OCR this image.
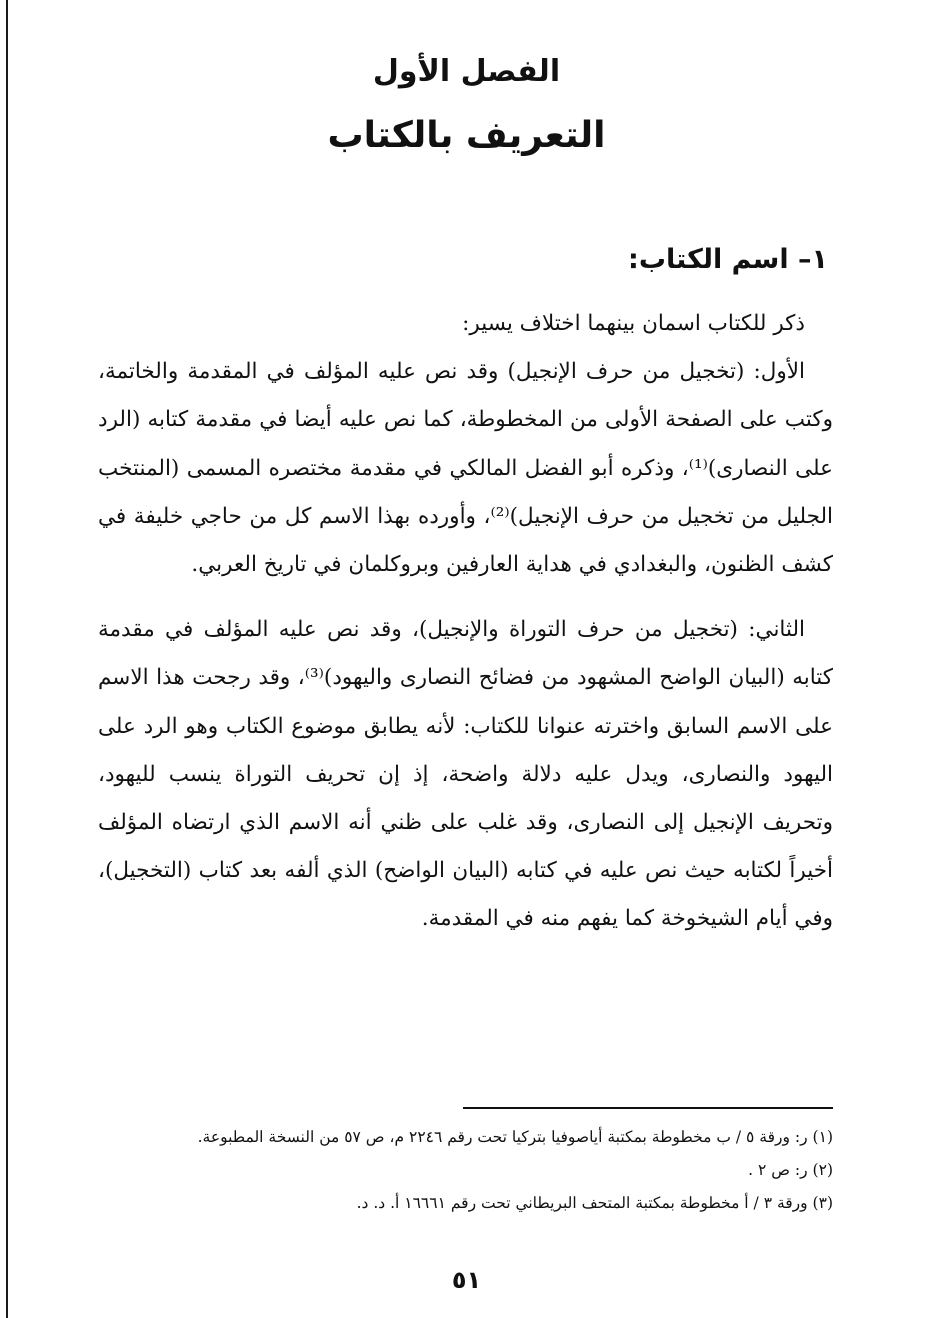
الفصل الأول
التعريف بالكتاب
١– اسم الكتاب:

ذكر للكتاب اسمان بينهما اختلاف يسير:

الأول: (تخجيل من حرف الإنجيل) وقد نص عليه المؤلف في المقدمة والخاتمة، وكتب على الصفحة الأولى من المخطوطة، كما نص عليه أيضا في مقدمة كتابه (الرد على النصارى)⁽¹⁾، وذكره أبو الفضل المالكي في مقدمة مختصره المسمى (المنتخب الجليل من تخجيل من حرف الإنجيل)⁽²⁾، وأورده بهذا الاسم كل من حاجي خليفة في كشف الظنون، والبغدادي في هداية العارفين وبروكلمان في تاريخ العربي.

الثاني: (تخجيل من حرف التوراة والإنجيل)، وقد نص عليه المؤلف في مقدمة كتابه (البيان الواضح المشهود من فضائح النصارى واليهود)⁽³⁾، وقد رجحت هذا الاسم على الاسم السابق واخترته عنوانا للكتاب: لأنه يطابق موضوع الكتاب وهو الرد على اليهود والنصارى، ويدل عليه دلالة واضحة، إذ إن تحريف التوراة ينسب لليهود، وتحريف الإنجيل إلى النصارى، وقد غلب على ظني أنه الاسم الذي ارتضاه المؤلف أخيراً لكتابه حيث نص عليه في كتابه (البيان الواضح) الذي ألفه بعد كتاب (التخجيل)، وفي أيام الشيخوخة كما يفهم منه في المقدمة.

(١) ر: ورقة ٥ / ب مخطوطة بمكتبة أياصوفيا بتركيا تحت رقم ٢٢٤٦ م، ص ٥٧ من النسخة المطبوعة.

(٢) ر: ص ٢ .

(٣) ورقة ٣ / أ مخطوطة بمكتبة المتحف البريطاني تحت رقم ١٦٦٦١ أ. د. د.

٥١
